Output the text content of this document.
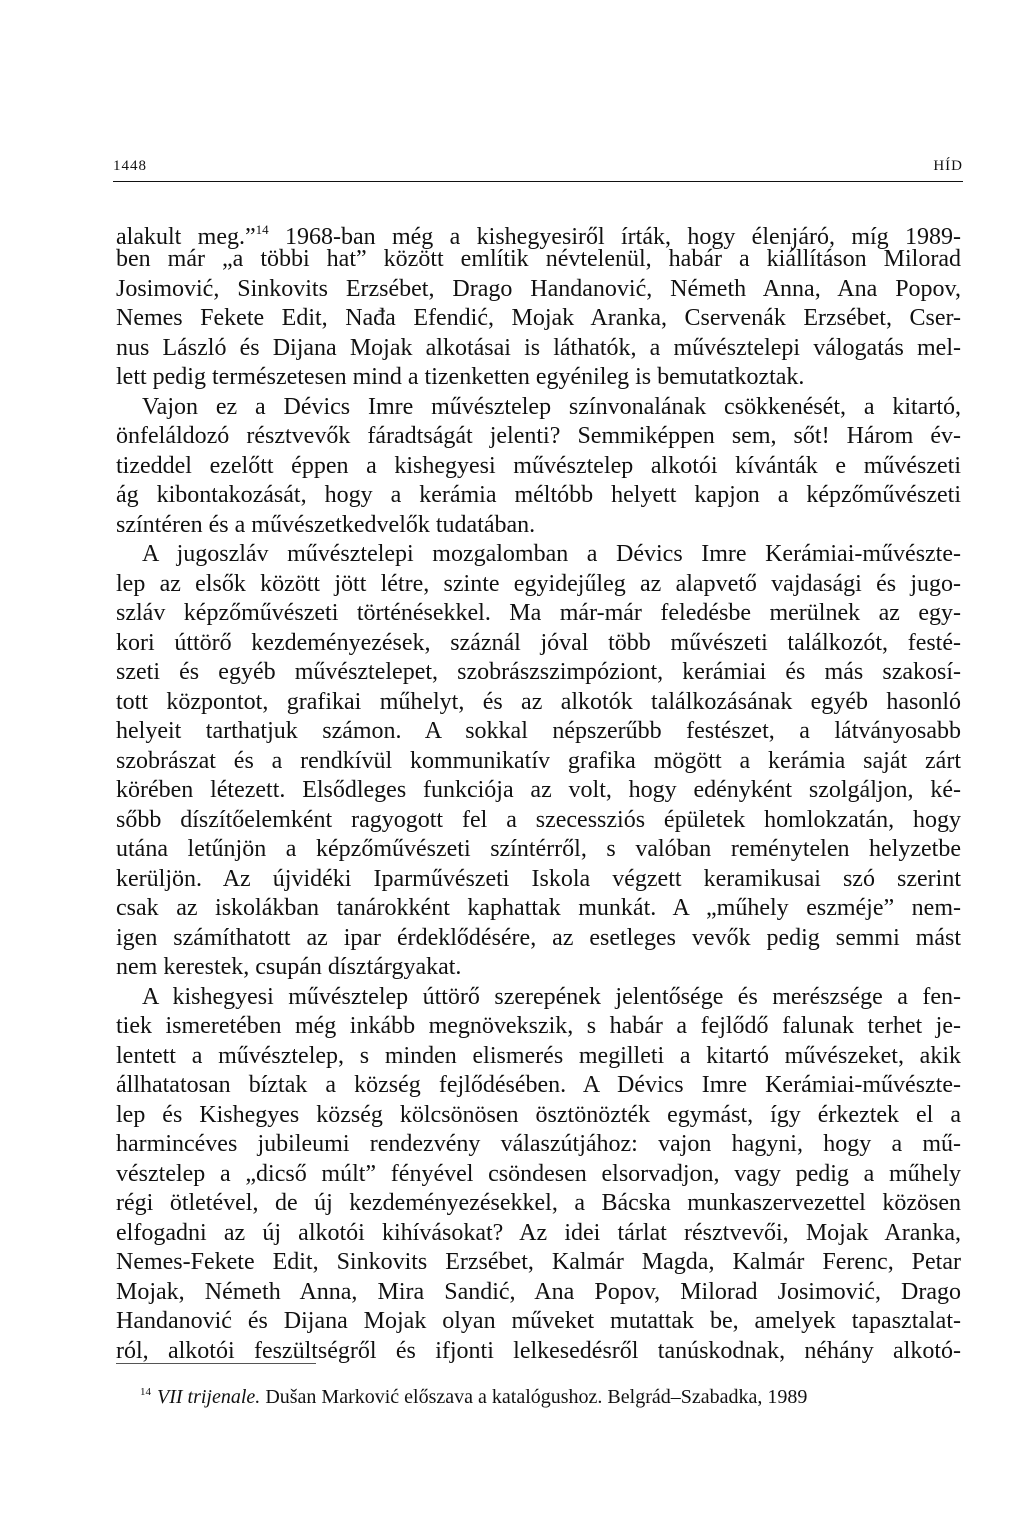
1448	HÍD
alakult meg.”$^{14}$ 1968-ban még a kishegyesiről írták, hogy élenjáró, míg 1989-
ben már „a többi hat” között említik névtelenül, habár a kiállításon Milorad
Josimović, Sinkovits Erzsébet, Drago Handanović, Németh Anna, Ana Popov,
Nemes Fekete Edit, Nađa Efendić, Mojak Aranka, Cservenák Erzsébet, Cser-
nus László és Dijana Mojak alkotásai is láthatók, a művésztelepi válogatás mel-
lett pedig természetesen mind a tizenketten egyénileg is bemutatkoztak.
Vajon ez a Dévics Imre művésztelep színvonalának csökkenését, a kitartó,
önfeláldozó résztvevők fáradtságát jelenti? Semmiképpen sem, sőt! Három év-
tizeddel ezelőtt éppen a kishegyesi művésztelep alkotói kívánták e művészeti
ág kibontakozását, hogy a kerámia méltóbb helyett kapjon a képzőművészeti
színtéren és a művészetkedvelők tudatában.
A jugoszláv művésztelepi mozgalomban a Dévics Imre Kerámiai-művészte-
lep az elsők között jött létre, szinte egyidejűleg az alapvető vajdasági és jugo-
szláv képzőművészeti történésekkel. Ma már-már feledésbe merülnek az egy-
kori úttörő kezdeményezések, száznál jóval több művészeti találkozót, festé-
szeti és egyéb művésztelepet, szobrászszimpóziont, kerámiai és más szakosí-
tott központot, grafikai műhelyt, és az alkotók találkozásának egyéb hasonló
helyeit tarthatjuk számon. A sokkal népszerűbb festészet, a látványosabb
szobrászat és a rendkívül kommunikatív grafika mögött a kerámia saját zárt
körében létezett. Elsődleges funkciója az volt, hogy edényként szolgáljon, ké-
sőbb díszítőelemként ragyogott fel a szecessziós épületek homlokzatán, hogy
utána letűnjön a képzőművészeti színtérről, s valóban reménytelen helyzetbe
kerüljön. Az újvidéki Iparművészeti Iskola végzett keramikusai szó szerint
csak az iskolákban tanárokként kaphattak munkát. A „műhely eszméje” nem-
igen számíthatott az ipar érdeklődésére, az esetleges vevők pedig semmi mást
nem kerestek, csupán dísztárgyakat.
A kishegyesi művésztelep úttörő szerepének jelentősége és merészsége a fen-
tiek ismeretében még inkább megnövekszik, s habár a fejlődő falunak terhet je-
lentett a művésztelep, s minden elismerés megilleti a kitartó művészeket, akik
állhatatosan bíztak a község fejlődésében. A Dévics Imre Kerámiai-művészte-
lep és Kishegyes község kölcsönösen ösztönözték egymást, így érkeztek el a
harmincéves jubileumi rendezvény válaszútjához: vajon hagyni, hogy a mű-
vésztelep a „dicső múlt” fényével csöndesen elsorvadjon, vagy pedig a műhely
régi ötletével, de új kezdeményezésekkel, a Bácska munkaszervezettel közösen
elfogadni az új alkotói kihívásokat? Az idei tárlat résztvevői, Mojak Aranka,
Nemes-Fekete Edit, Sinkovits Erzsébet, Kalmár Magda, Kalmár Ferenc, Petar
Mojak, Németh Anna, Mira Sandić, Ana Popov, Milorad Josimović, Drago
Handanović és Dijana Mojak olyan műveket mutattak be, amelyek tapasztalat-
ról, alkotói feszültségről és ifjonti lelkesedésről tanúskodnak, néhány alkotó-
$^{14}$ VII trijenale. Dušan Marković előszava a katalógushoz. Belgrád–Szabadka, 1989
